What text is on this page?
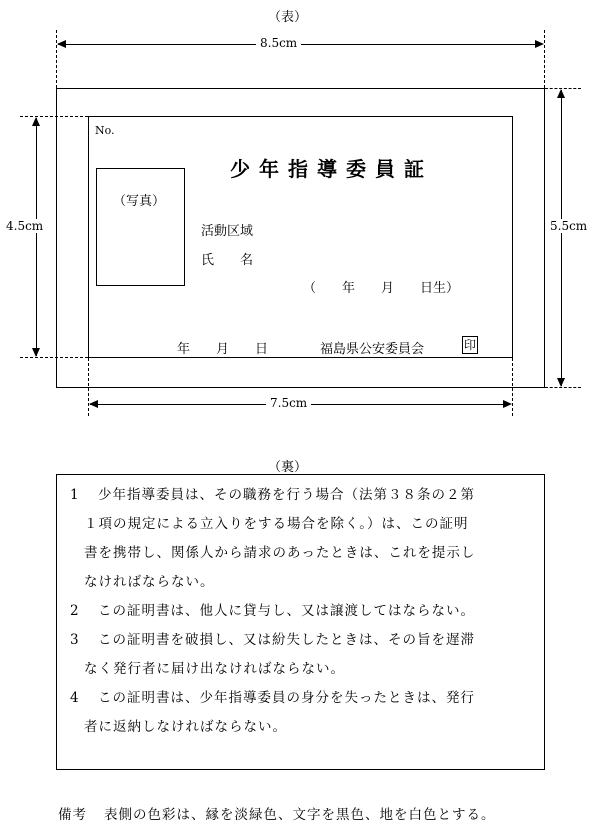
（表）
8.5cm
5.5cm
4.5cm
7.5cm
No.
少年指導委員証
（写真）
活動区域
氏　　名
（　　年　　月　　日生）
年　　月　　日	福島県公安委員会	印
（裏）
1 少年指導委員は、その職務を行う場合（法第３８条の２第
１項の規定による立入りをする場合を除く。）は、この証明
書を携帯し、関係人から請求のあったときは、これを提示し
なければならない。
2 この証明書は、他人に貸与し、又は譲渡してはならない。
3 この証明書を破損し、又は紛失したときは、その旨を遅滞
なく発行者に届け出なければならない。
4 この証明書は、少年指導委員の身分を失ったときは、発行
者に返納しなければならない。
備考 表側の色彩は、縁を淡緑色、文字を黒色、地を白色とする。
